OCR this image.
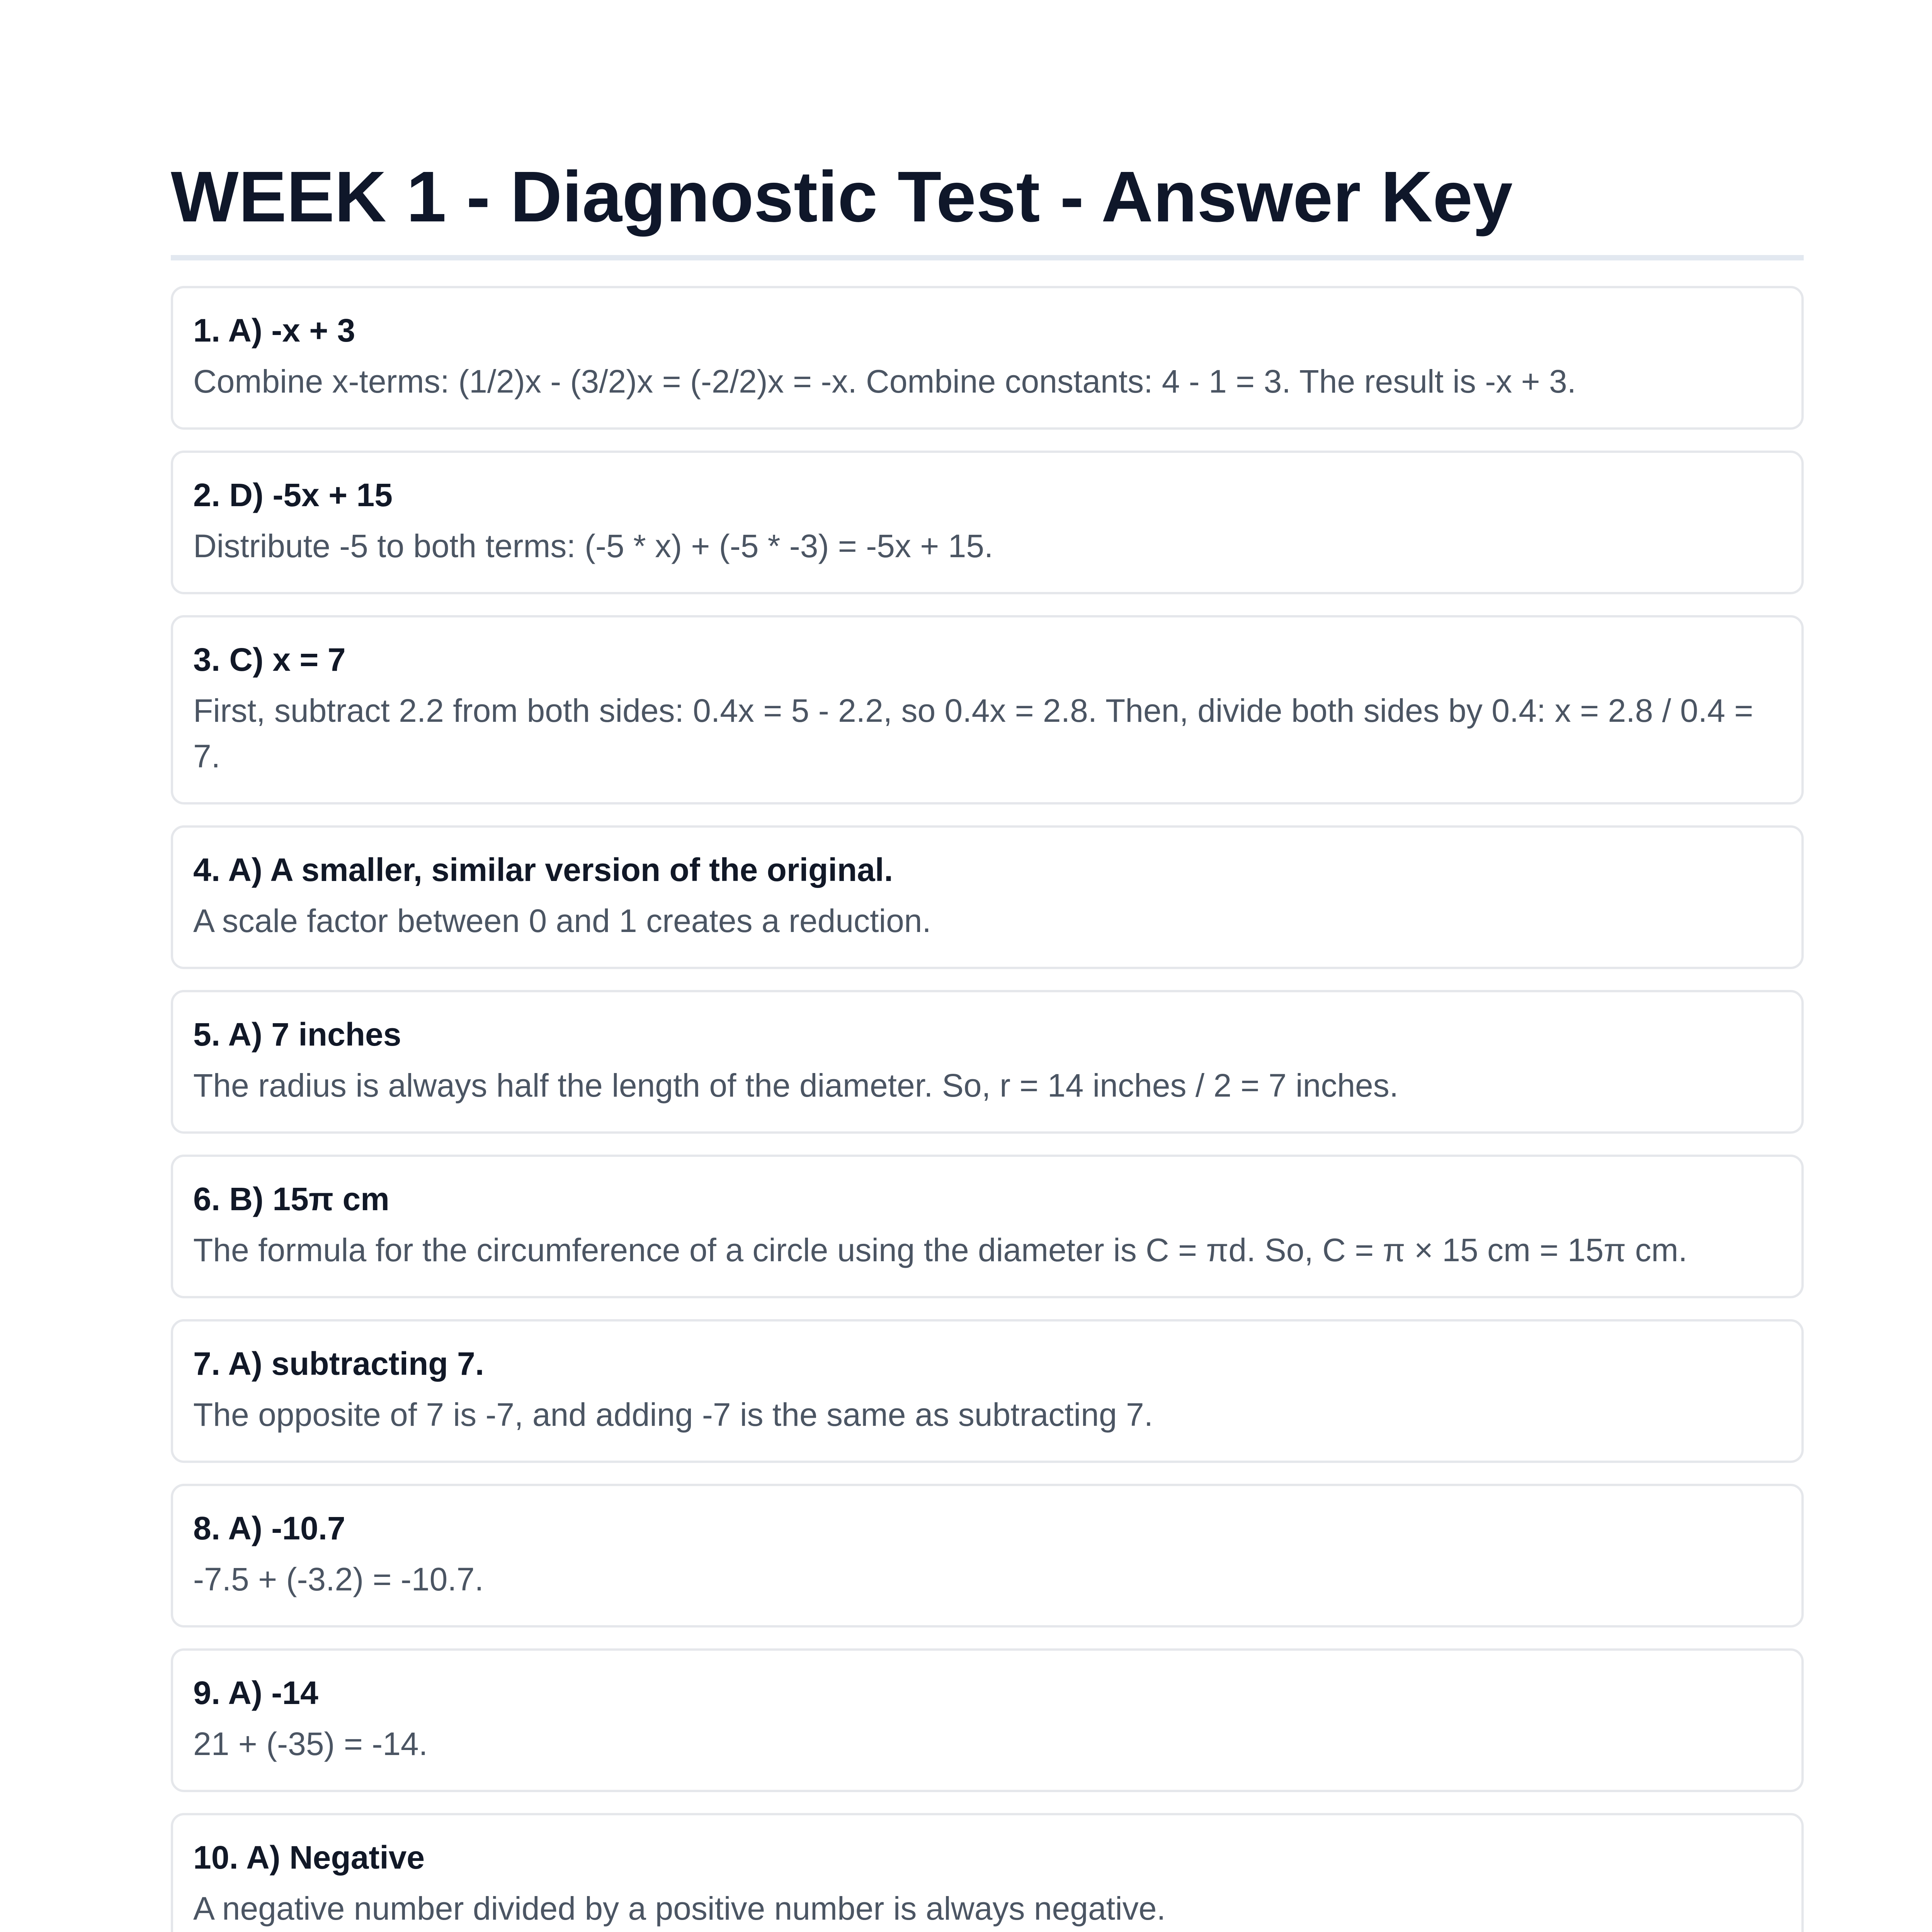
WEEK 1 - Diagnostic Test - Answer Key
1. A) -x + 3

Combine x-terms: (1/2)x - (3/2)x = (-2/2)x = -x. Combine constants: 4 - 1 = 3. The result is -x + 3.

2. D) -5x + 15

Distribute -5 to both terms: (-5 * x) + (-5 * -3) = -5x + 15.

3. C) x = 7

First, subtract 2.2 from both sides: 0.4x = 5 - 2.2, so 0.4x = 2.8. Then, divide both sides by 0.4: x = 2.8 / 0.4 = 7.

4. A) A smaller, similar version of the original.

A scale factor between 0 and 1 creates a reduction.

5. A) 7 inches

The radius is always half the length of the diameter. So, r = 14 inches / 2 = 7 inches.

6. B) 15π cm

The formula for the circumference of a circle using the diameter is C = πd. So, C = π × 15 cm = 15π cm.

7. A) subtracting 7.

The opposite of 7 is -7, and adding -7 is the same as subtracting 7.

8. A) -10.7

-7.5 + (-3.2) = -10.7.

9. A) -14

21 + (-35) = -14.

10. A) Negative

A negative number divided by a positive number is always negative.
